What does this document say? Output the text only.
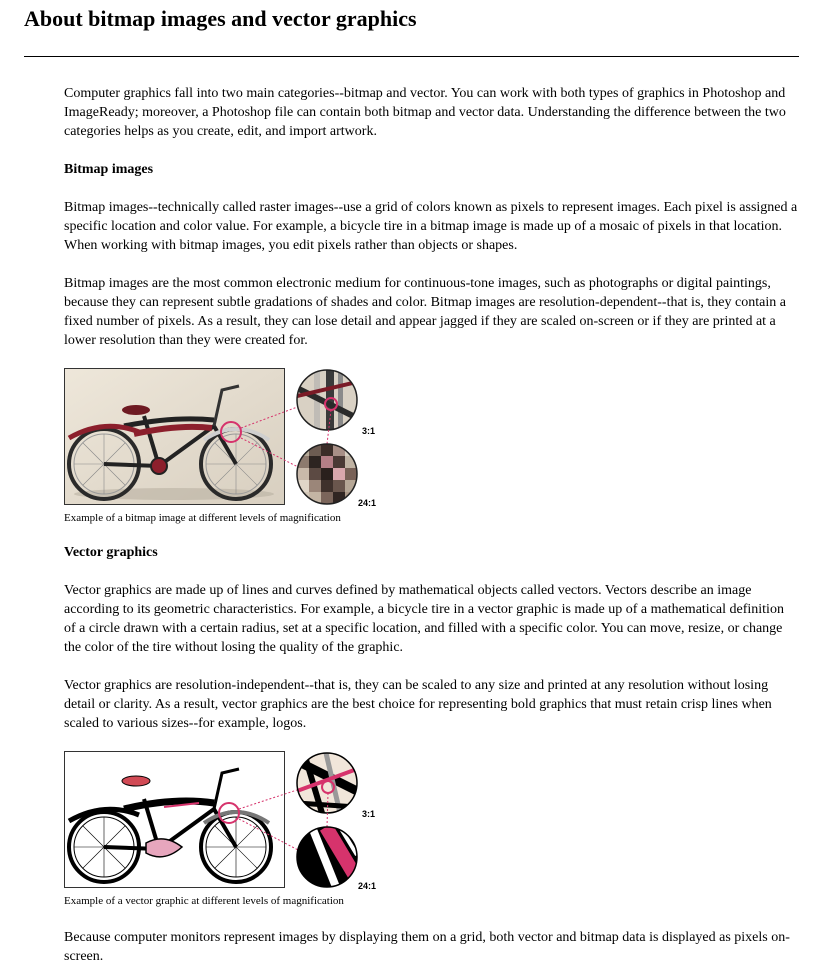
About bitmap images and vector graphics

Computer graphics fall into two main categories--bitmap and vector. You can work with both types of graphics in Photoshop and ImageReady; moreover, a Photoshop file can contain both bitmap and vector data. Understanding the difference between the two categories helps as you create, edit, and import artwork.

Bitmap images

Bitmap images--technically called raster images--use a grid of colors known as pixels to represent images. Each pixel is assigned a specific location and color value. For example, a bicycle tire in a bitmap image is made up of a mosaic of pixels in that location. When working with bitmap images, you edit pixels rather than objects or shapes.

Bitmap images are the most common electronic medium for continuous-tone images, such as photographs or digital paintings, because they can represent subtle gradations of shades and color. Bitmap images are resolution-dependent--that is, they contain a fixed number of pixels. As a result, they can lose detail and appear jagged if they are scaled on-screen or if they are printed at a lower resolution than they were created for.

3:1
24:1
Example of a bitmap image at different levels of magnification
Vector graphics

Vector graphics are made up of lines and curves defined by mathematical objects called vectors. Vectors describe an image according to its geometric characteristics. For example, a bicycle tire in a vector graphic is made up of a mathematical definition of a circle drawn with a certain radius, set at a specific location, and filled with a specific color. You can move, resize, or change the color of the tire without losing the quality of the graphic.

Vector graphics are resolution-independent--that is, they can be scaled to any size and printed at any resolution without losing detail or clarity. As a result, vector graphics are the best choice for representing bold graphics that must retain crisp lines when scaled to various sizes--for example, logos.

3:1
24:1
Example of a vector graphic at different levels of magnification

Because computer monitors represent images by displaying them on a grid, both vector and bitmap data is displayed as pixels on-screen.
